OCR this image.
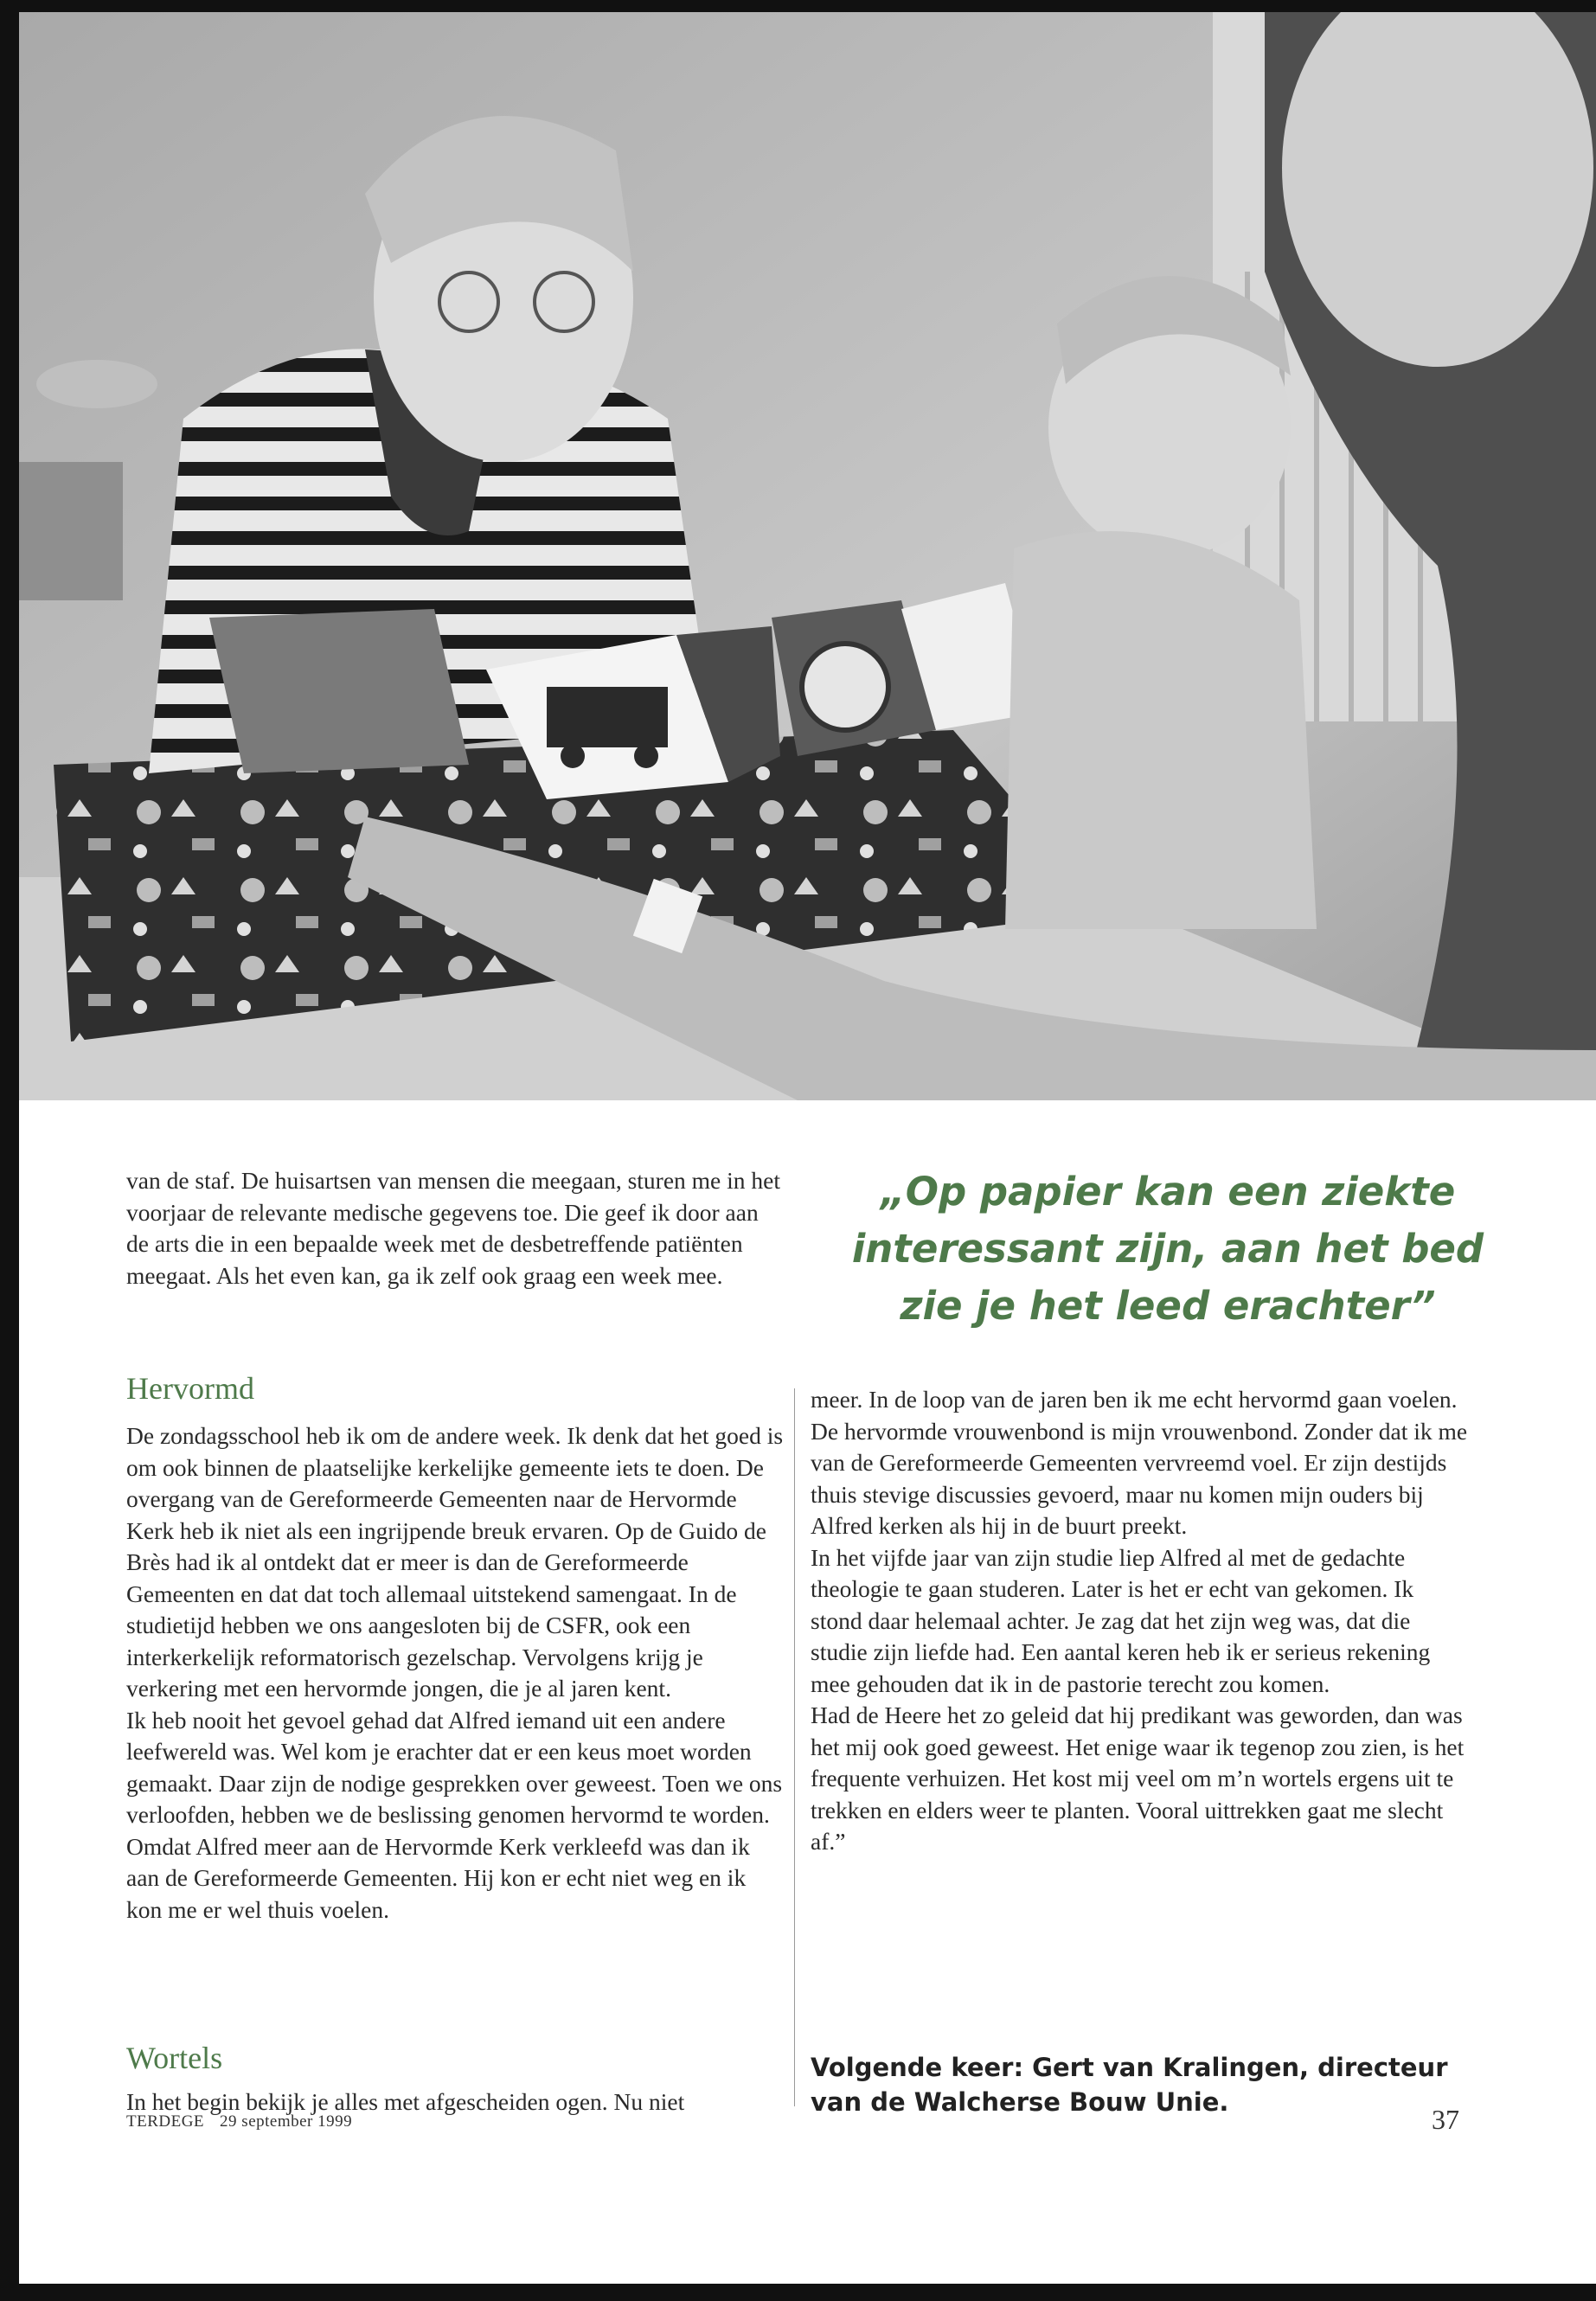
van de staf. De huisartsen van mensen die meegaan, sturen me in het voorjaar de relevante medische gegevens toe. Die geef ik door aan de arts die in een bepaalde week met de desbetreffende patiënten meegaat. Als het even kan, ga ik zelf ook graag een week mee.

„Op papier kan een ziekte
interessant zijn, aan het bed
zie je het leed erachter”
Hervormd

De zondagsschool heb ik om de andere week. Ik denk dat het goed is om ook binnen de plaatselijke kerkelijke gemeente iets te doen. De overgang van de Gereformeerde Gemeenten naar de Hervormde Kerk heb ik niet als een ingrijpende breuk ervaren. Op de Guido de Brès had ik al ontdekt dat er meer is dan de Gereformeerde Gemeenten en dat dat toch allemaal uitstekend samengaat. In de studietijd hebben we ons aangesloten bij de CSFR, ook een interkerkelijk reformatorisch gezelschap. Vervolgens krijg je verkering met een hervormde jongen, die je al jaren kent.

Ik heb nooit het gevoel gehad dat Alfred iemand uit een andere leefwereld was. Wel kom je erachter dat er een keus moet worden gemaakt. Daar zijn de nodige gesprekken over geweest. Toen we ons verloofden, hebben we de beslissing genomen hervormd te worden. Omdat Alfred meer aan de Hervormde Kerk verkleefd was dan ik aan de Gereformeerde Gemeenten. Hij kon er echt niet weg en ik kon me er wel thuis voelen.

meer. In de loop van de jaren ben ik me echt hervormd gaan voelen. De hervormde vrouwenbond is mijn vrouwenbond. Zonder dat ik me van de Gereformeerde Gemeenten vervreemd voel. Er zijn destijds thuis stevige discussies gevoerd, maar nu komen mijn ouders bij Alfred kerken als hij in de buurt preekt.

In het vijfde jaar van zijn studie liep Alfred al met de gedachte theologie te gaan studeren. Later is het er echt van gekomen. Ik stond daar helemaal achter. Je zag dat het zijn weg was, dat die studie zijn liefde had. Een aantal keren heb ik er serieus rekening mee gehouden dat ik in de pastorie terecht zou komen.

Had de Heere het zo geleid dat hij predikant was geworden, dan was het mij ook goed geweest. Het enige waar ik tegenop zou zien, is het frequente verhuizen. Het kost mij veel om m’n wortels ergens uit te trekken en elders weer te planten. Vooral uittrekken gaat me slecht af.”

Wortels

In het begin bekijk je alles met afgescheiden ogen. Nu niet

Volgende keer: Gert van Kralingen, directeur van de Walcherse Bouw Unie.
TERDEGE 29 september 1999	37
